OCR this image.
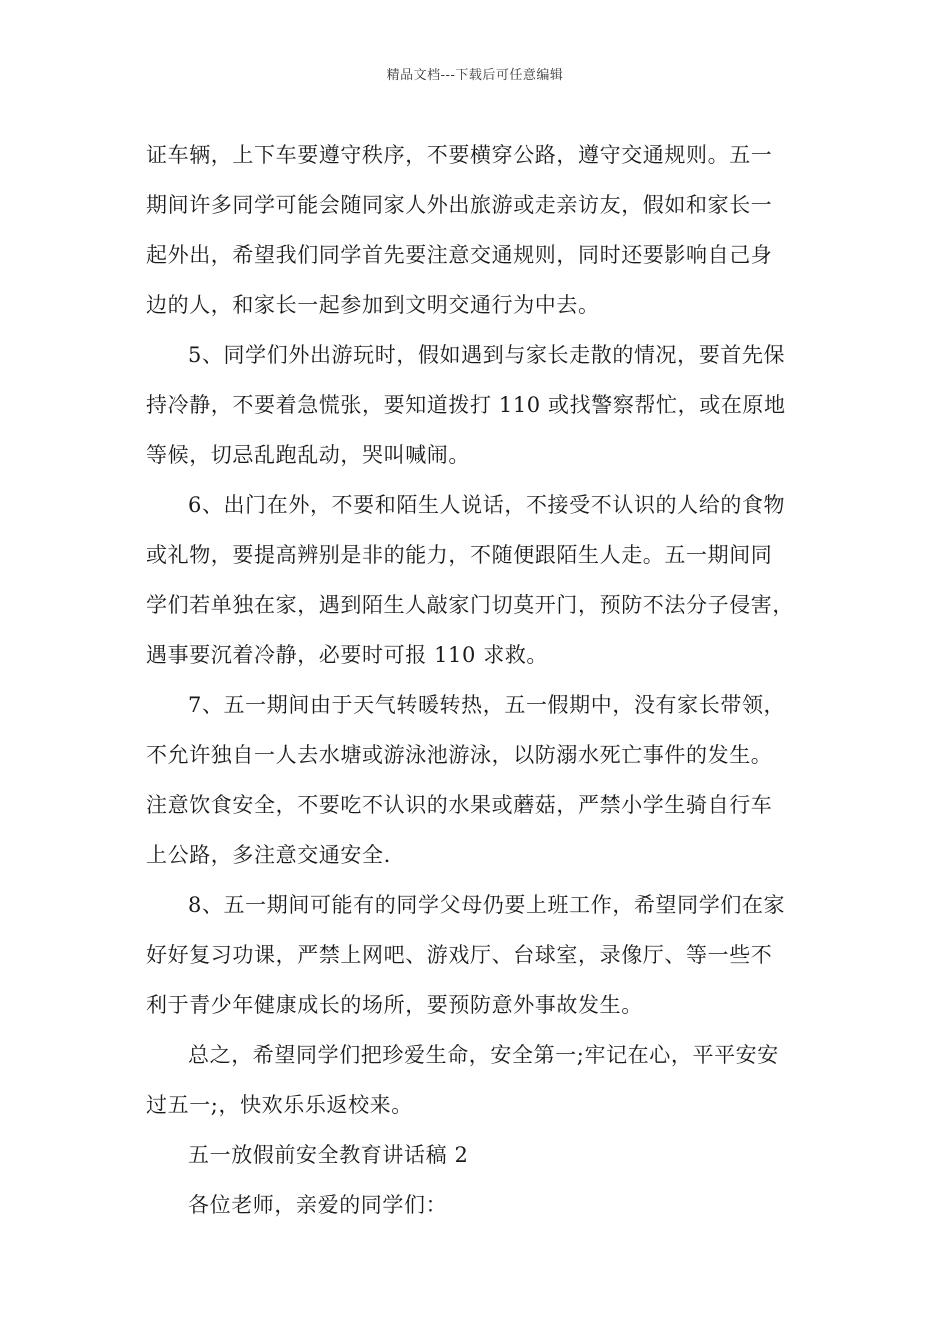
精品文档---下载后可任意编辑
证车辆，上下车要遵守秩序，不要横穿公路，遵守交通规则。五一
期间许多同学可能会随同家人外出旅游或走亲访友，假如和家长一
起外出，希望我们同学首先要注意交通规则，同时还要影响自己身
边的人，和家长一起参加到文明交通行为中去。
5、同学们外出游玩时，假如遇到与家长走散的情况，要首先保
持冷静，不要着急慌张，要知道拨打 110 或找警察帮忙，或在原地
等候，切忌乱跑乱动，哭叫喊闹。
6、出门在外，不要和陌生人说话，不接受不认识的人给的食物
或礼物，要提高辨别是非的能力，不随便跟陌生人走。五一期间同
学们若单独在家，遇到陌生人敲家门切莫开门，预防不法分子侵害，
遇事要沉着冷静，必要时可报 110 求救。
7、五一期间由于天气转暖转热，五一假期中，没有家长带领，
不允许独自一人去水塘或游泳池游泳，以防溺水死亡事件的发生。
注意饮食安全，不要吃不认识的水果或蘑菇，严禁小学生骑自行车
上公路，多注意交通安全.
8、五一期间可能有的同学父母仍要上班工作，希望同学们在家
好好复习功课，严禁上网吧、游戏厅、台球室，录像厅、等一些不
利于青少年健康成长的场所，要预防意外事故发生。
总之，希望同学们把珍爱生命，安全第一;牢记在心，平平安安
过五一;，快欢乐乐返校来。
五一放假前安全教育讲话稿 2
各位老师，亲爱的同学们：
